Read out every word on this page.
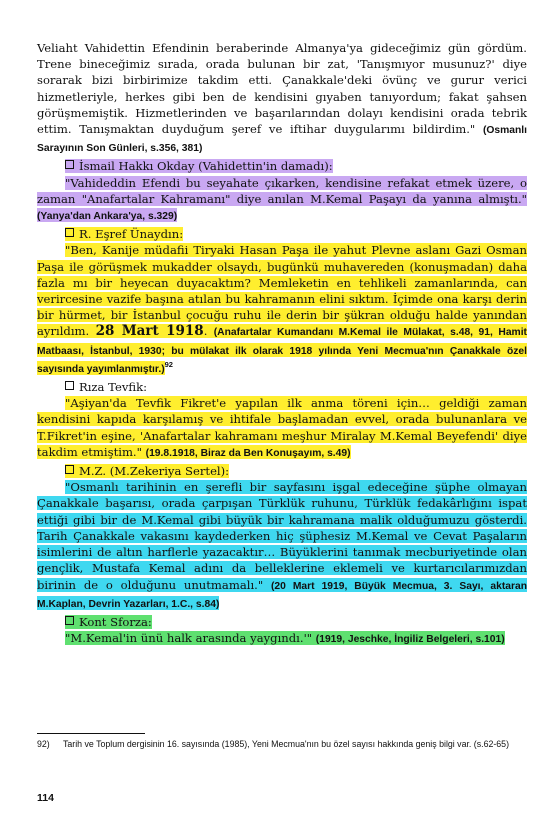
Veliaht Vahidettin Efendinin beraberinde Almanya'ya gideceğimiz gün gördüm. Trene bineceğimiz sırada, orada bulunan bir zat, 'Tanışmıyor musunuz?' diye sorarak bizi birbirimize takdim etti. Çanakkale'deki övünç ve gurur verici hizmetleriyle, herkes gibi ben de kendisini gıyaben tanıyordum; fakat şahsen görüşmemiştik. Hizmetlerinden ve başarılarından dolayı kendisini orada tebrik ettim. Tanışmaktan duyduğum şeref ve iftihar duygularımı bildirdim." (Osmanlı Sarayının Son Günleri, s.356, 381)

İsmail Hakkı Okday (Vahidettin'in damadı):

"Vahideddin Efendi bu seyahate çıkarken, kendisine refakat etmek üzere, o zaman "Anafartalar Kahramanı" diye anılan M.Kemal Paşayı da yanına almıştı." (Yanya'dan Ankara'ya, s.329)

R. Eşref Ünaydın:

"Ben, Kanije müdafii Tiryaki Hasan Paşa ile yahut Plevne aslanı Gazi Osman Paşa ile görüşmek mukadder olsaydı, bugünkü muhavereden (konuşmadan) daha fazla mı bir heyecan duyacaktım? Memleketin en tehlikeli zamanlarında, can verircesine vazife başına atılan bu kahramanın elini sıktım. İçimde ona karşı derin bir hürmet, bir İstanbul çocuğu ruhu ile derin bir şükran olduğu halde yanından ayrıldım. 28 Mart 1918. (Anafartalar Kumandanı M.Kemal ile Mülakat, s.48, 91, Hamit Matbaası, İstanbul, 1930; bu mülakat ilk olarak 1918 yılında Yeni Mecmua'nın Çanakkale özel sayısında yayımlanmıştır.)$^{92}$

Rıza Tevfik:

"Aşiyan'da Tevfik Fikret'e yapılan ilk anma töreni için… geldiği zaman kendisini kapıda karşılamış ve ihtifale başlamadan evvel, orada bulunanlara ve T.Fikret'in eşine, 'Anafartalar kahramanı meşhur Miralay M.Kemal Beyefendi' diye takdim etmiştim." (19.8.1918, Biraz da Ben Konuşayım, s.49)

M.Z. (M.Zekeriya Sertel):

"Osmanlı tarihinin en şerefli bir sayfasını işgal edeceğine şüphe olmayan Çanakkale başarısı, orada çarpışan Türklük ruhunu, Türklük fedakârlığını ispat ettiği gibi bir de M.Kemal gibi büyük bir kahramana malik olduğumuzu gösterdi. Tarih Çanakkale vakasını kaydederken hiç şüphesiz M.Kemal ve Cevat Paşaların isimlerini de altın harflerle yazacaktır… Büyüklerini tanımak mecburiyetinde olan gençlik, Mustafa Kemal adını da belleklerine eklemeli ve kurtarıcılarımızdan birinin de o olduğunu unutmamalı." (20 Mart 1919, Büyük Mecmua, 3. Sayı, aktaran M.Kaplan, Devrin Yazarları, 1.C., s.84)

Kont Sforza:

"M.Kemal'in ünü halk arasında yaygındı.'" (1919, Jeschke, İngiliz Belgeleri, s.101)

92)	Tarih ve Toplum dergisinin 16. sayısında (1985), Yeni Mecmua'nın bu özel sayısı hakkında geniş bilgi var. (s.62-65)
114
